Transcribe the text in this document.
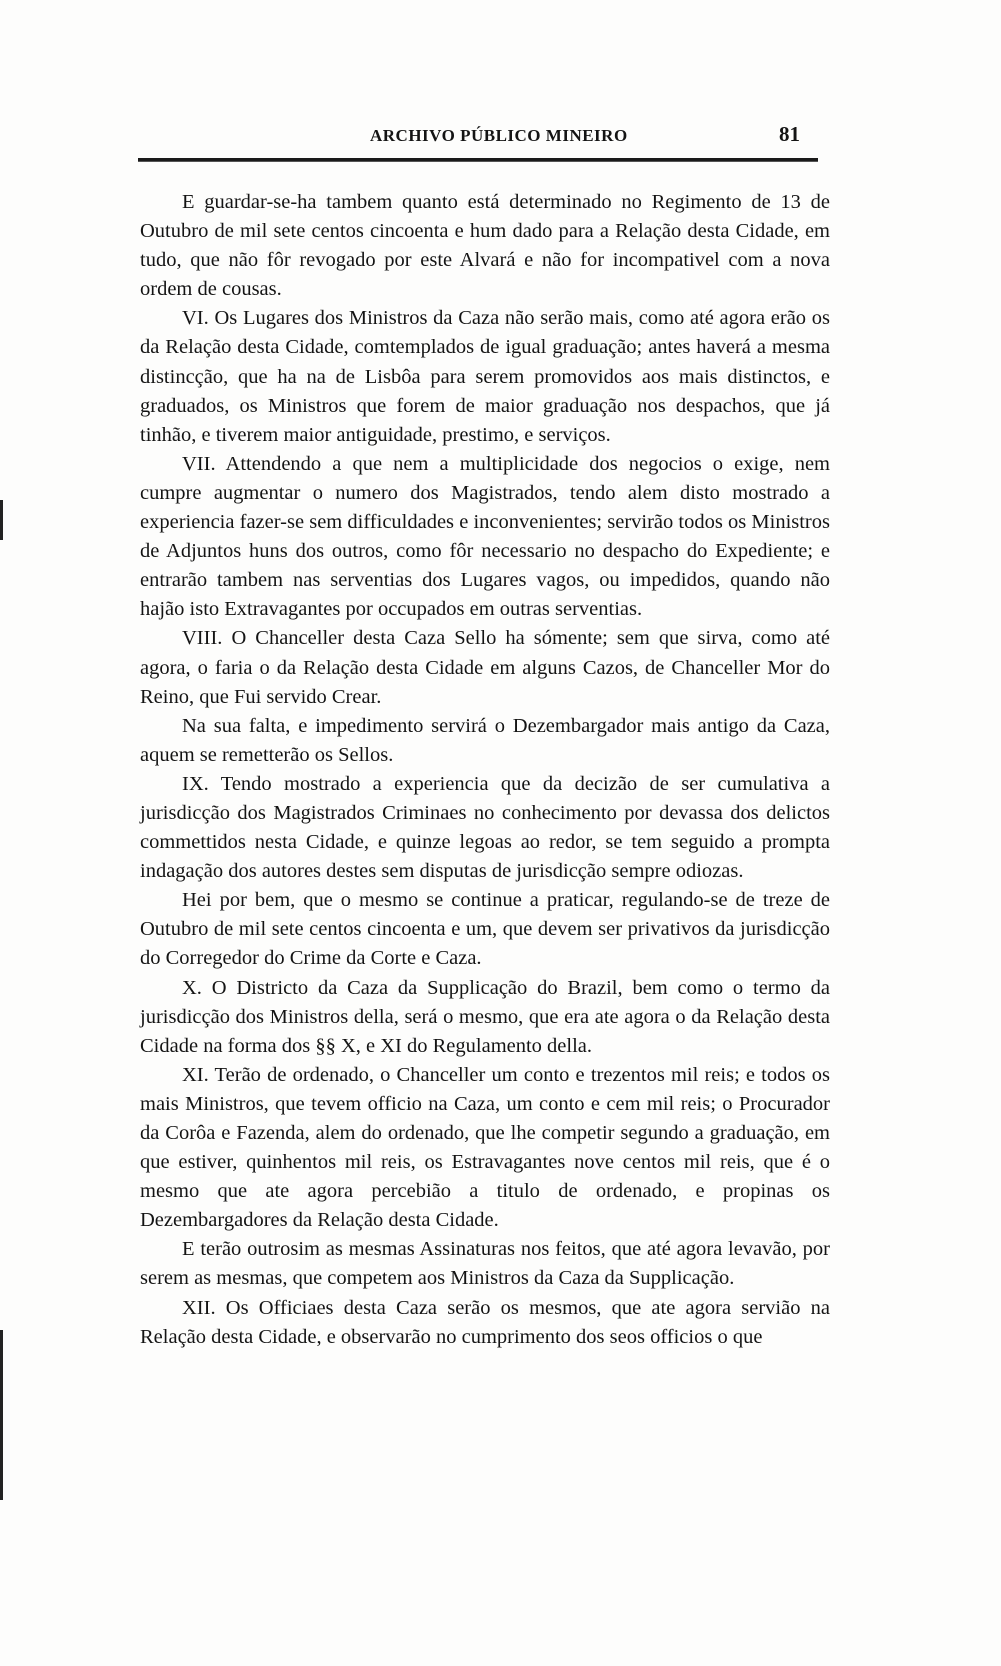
ARCHIVO PÚBLICO MINEIRO	81

E guardar-se-ha tambem quanto está determinado no Regimento de 13 de Outubro de mil sete centos cincoenta e hum dado para a Relação desta Cidade, em tudo, que não fôr revogado por este Alvará e não for incompativel com a nova ordem de cousas.

VI. Os Lugares dos Ministros da Caza não serão mais, como até agora erão os da Relação desta Cidade, comtemplados de igual graduação; antes haverá a mesma distincção, que ha na de Lisbôa para serem promovidos aos mais distinctos, e graduados, os Ministros que forem de maior graduação nos despachos, que já tinhão, e tiverem maior antiguidade, prestimo, e serviços.

VII. Attendendo a que nem a multiplicidade dos negocios o exige, nem cumpre augmentar o numero dos Magistrados, tendo alem disto mostrado a experiencia fazer-se sem difficuldades e inconvenientes; servirão todos os Ministros de Adjuntos huns dos outros, como fôr necessario no despacho do Expediente; e entrarão tambem nas serventias dos Lugares vagos, ou impedidos, quando não hajão isto Extravagantes por occupados em outras serventias.

VIII. O Chanceller desta Caza Sello ha sómente; sem que sirva, como até agora, o faria o da Relação desta Cidade em alguns Cazos, de Chanceller Mor do Reino, que Fui servido Crear.

Na sua falta, e impedimento servirá o Dezembargador mais antigo da Caza, aquem se remetterão os Sellos.

IX. Tendo mostrado a experiencia que da decizão de ser cumulativa a jurisdicção dos Magistrados Criminaes no conhecimento por devassa dos delictos commettidos nesta Cidade, e quinze legoas ao redor, se tem seguido a prompta indagação dos autores destes sem disputas de jurisdicção sempre odiozas.

Hei por bem, que o mesmo se continue a praticar, regulando-se de treze de Outubro de mil sete centos cincoenta e um, que devem ser privativos da jurisdicção do Corregedor do Crime da Corte e Caza.

X. O Districto da Caza da Supplicação do Brazil, bem como o termo da jurisdicção dos Ministros della, será o mesmo, que era ate agora o da Relação desta Cidade na forma dos §§ X, e XI do Regulamento della.

XI. Terão de ordenado, o Chanceller um conto e trezentos mil reis; e todos os mais Ministros, que tevem officio na Caza, um conto e cem mil reis; o Procurador da Corôa e Fazenda, alem do ordenado, que lhe competir segundo a graduação, em que estiver, quinhentos mil reis, os Estravagantes nove centos mil reis, que é o mesmo que ate agora percebião a titulo de ordenado, e propinas os Dezembargadores da Relação desta Cidade.

E terão outrosim as mesmas Assinaturas nos feitos, que até agora levavão, por serem as mesmas, que competem aos Ministros da Caza da Supplicação.

XII. Os Officiaes desta Caza serão os mesmos, que ate agora servião na Relação desta Cidade, e observarão no cumprimento dos seos officios o que
